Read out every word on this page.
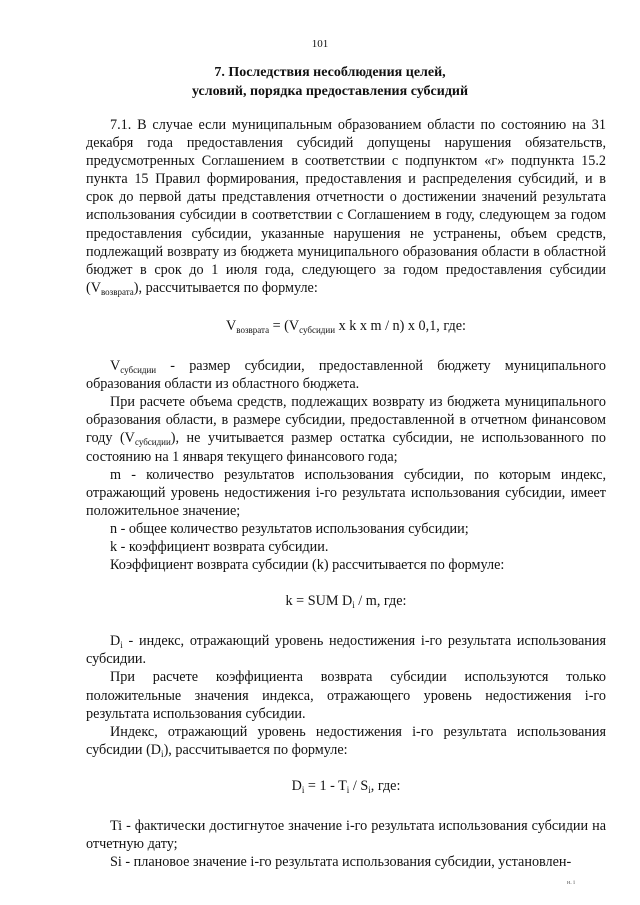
101
7. Последствия несоблюдения целей,
условий, порядка предоставления субсидий

7.1. В случае если муниципальным образованием области по состоянию на 31 декабря года предоставления субсидий допущены нарушения обязательств, предусмотренных Соглашением в соответствии с подпунктом «г» подпункта 15.2 пункта 15 Правил формирования, предоставления и распределения субсидий, и в срок до первой даты представления отчетности о достижении значений результата использования субсидии в соответствии с Соглашением в году, следующем за годом предоставления субсидии, указанные нарушения не устранены, объем средств, подлежащий возврату из бюджета муниципального образования области в областной бюджет в срок до 1 июля года, следующего за годом предоставления субсидии $(V_{возврата})$, рассчитывается по формуле:

$V_{возврата} = (V_{субсидии}$ x k x m / n) x 0,1, где:

$V_{субсидии}$ - размер субсидии, предоставленной бюджету муниципального образования области из областного бюджета.

При расчете объема средств, подлежащих возврату из бюджета муниципального образования области, в размере субсидии, предоставленной в отчетном финансовом году $(V_{субсидии})$, не учитывается размер остатка субсидии, не использованного по состоянию на 1 января текущего финансового года;

m - количество результатов использования субсидии, по которым индекс, отражающий уровень недостижения i-го результата использования субсидии, имеет положительное значение;

n - общее количество результатов использования субсидии;

k - коэффициент возврата субсидии.

Коэффициент возврата субсидии (k) рассчитывается по формуле:

k = SUM $D_i$ / m, где:

$D_i$ - индекс, отражающий уровень недостижения i-го результата использования субсидии.

При расчете коэффициента возврата субсидии используются только положительные значения индекса, отражающего уровень недостижения i-го результата использования субсидии.

Индекс, отражающий уровень недостижения i-го результата использования субсидии $(D_i)$, рассчитывается по формуле:

$D_i = 1 - T_i / S_i$, где:

Ti - фактически достигнутое значение i-го результата использования субсидии на отчетную дату;

Si - плановое значение i-го результата использования субсидии, установлен-

н. і
